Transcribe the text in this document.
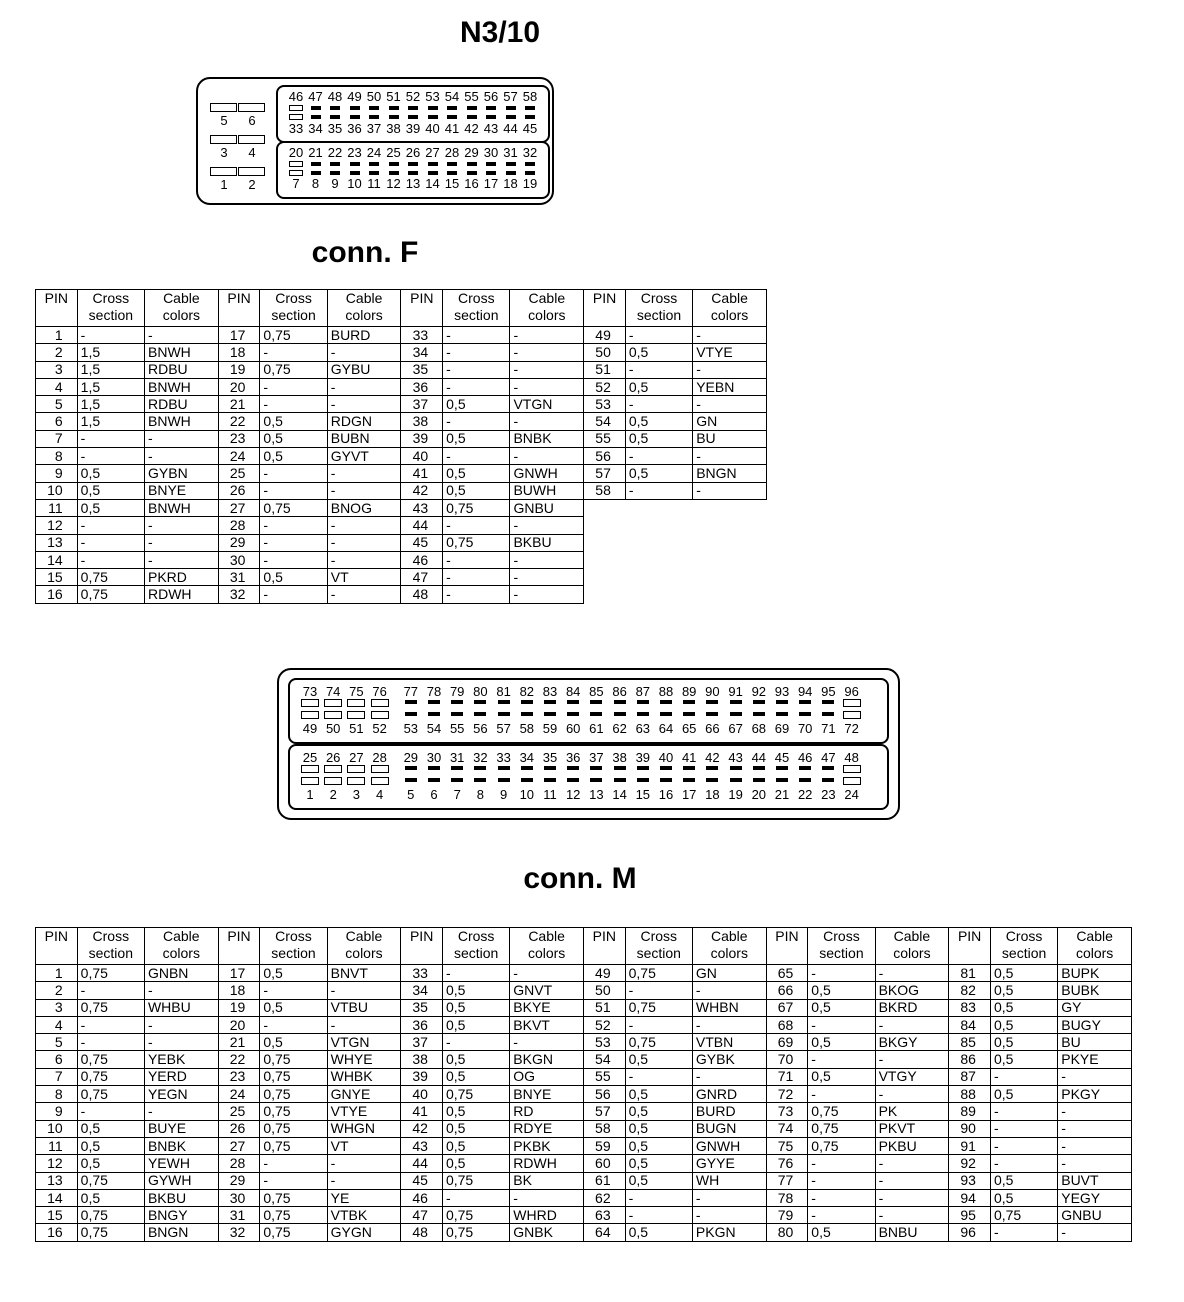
N3/10
5	6
3	4
1	2
46 47 48 49 50 51 52 53 54 55 56 57 58
33 34 35 36 37 38 39 40 41 42 43 44 45
20 21 22 23 24 25 26 27 28 29 30 31 32
7 8 9 10 11 12 13 14 15 16 17 18 19
conn. F
PIN	Cross
section	Cable
colors	PIN	Cross
section	Cable
colors	PIN	Cross
section	Cable
colors	PIN	Cross
section	Cable
colors
1	-	-	17	0,75	BURD	33	-	-	49	-	-
2	1,5	BNWH	18	-	-	34	-	-	50	0,5	VTYE
3	1,5	RDBU	19	0,75	GYBU	35	-	-	51	-	-
4	1,5	BNWH	20	-	-	36	-	-	52	0,5	YEBN
5	1,5	RDBU	21	-	-	37	0,5	VTGN	53	-	-
6	1,5	BNWH	22	0,5	RDGN	38	-	-	54	0,5	GN
7	-	-	23	0,5	BUBN	39	0,5	BNBK	55	0,5	BU
8	-	-	24	0,5	GYVT	40	-	-	56	-	-
9	0,5	GYBN	25	-	-	41	0,5	GNWH	57	0,5	BNGN
10	0,5	BNYE	26	-	-	42	0,5	BUWH	58	-	-
11	0,5	BNWH	27	0,75	BNOG	43	0,75	GNBU			
12	-	-	28	-	-	44	-	-			
13	-	-	29	-	-	45	0,75	BKBU			
14	-	-	30	-	-	46	-	-			
15	0,75	PKRD	31	0,5	VT	47	-	-			
16	0,75	RDWH	32	-	-	48	-	-			
73 74 75 76 77 78 79 80 81 82 83 84 85 86 87 88 89 90 91 92 93 94 95 96
49 50 51 52 53 54 55 56 57 58 59 60 61 62 63 64 65 66 67 68 69 70 71 72
25 26 27 28 29 30 31 32 33 34 35 36 37 38 39 40 41 42 43 44 45 46 47 48
1	2	3	4	5	6	7	8	9 10 11 12 13 14 15 16 17 18 19 20 21 22 23 24
conn. M
PIN	Cross
section	Cable
colors	PIN	Cross
section	Cable
colors	PIN	Cross
section	Cable
colors	PIN	Cross
section	Cable
colors	PIN	Cross
section	Cable
colors	PIN	Cross
section	Cable
colors
1	0,75	GNBN	17	0,5	BNVT	33	-	-	49	0,75	GN	65	-	-	81	0,5	BUPK
2	-	-	18	-	-	34	0,5	GNVT	50	-	-	66	0,5	BKOG	82	0,5	BUBK
3	0,75	WHBU	19	0,5	VTBU	35	0,5	BKYE	51	0,75	WHBN	67	0,5	BKRD	83	0,5	GY
4	-	-	20	-	-	36	0,5	BKVT	52	-	-	68	-	-	84	0,5	BUGY
5	-	-	21	0,5	VTGN	37	-	-	53	0,75	VTBN	69	0,5	BKGY	85	0,5	BU
6	0,75	YEBK	22	0,75	WHYE	38	0,5	BKGN	54	0,5	GYBK	70	-	-	86	0,5	PKYE
7	0,75	YERD	23	0,75	WHBK	39	0,5	OG	55	-	-	71	0,5	VTGY	87	-	-
8	0,75	YEGN	24	0,75	GNYE	40	0,75	BNYE	56	0,5	GNRD	72	-	-	88	0,5	PKGY
9	-	-	25	0,75	VTYE	41	0,5	RD	57	0,5	BURD	73	0,75	PK	89	-	-
10	0,5	BUYE	26	0,75	WHGN	42	0,5	RDYE	58	0,5	BUGN	74	0,75	PKVT	90	-	-
11	0,5	BNBK	27	0,75	VT	43	0,5	PKBK	59	0,5	GNWH	75	0,75	PKBU	91	-	-
12	0,5	YEWH	28	-	-	44	0,5	RDWH	60	0,5	GYYE	76	-	-	92	-	-
13	0,75	GYWH	29	-	-	45	0,75	BK	61	0,5	WH	77	-	-	93	0,5	BUVT
14	0,5	BKBU	30	0,75	YE	46	-	-	62	-	-	78	-	-	94	0,5	YEGY
15	0,75	BNGY	31	0,75	VTBK	47	0,75	WHRD	63	-	-	79	-	-	95	0,75	GNBU
16	0,75	BNGN	32	0,75	GYGN	48	0,75	GNBK	64	0,5	PKGN	80	0,5	BNBU	96	-	-
